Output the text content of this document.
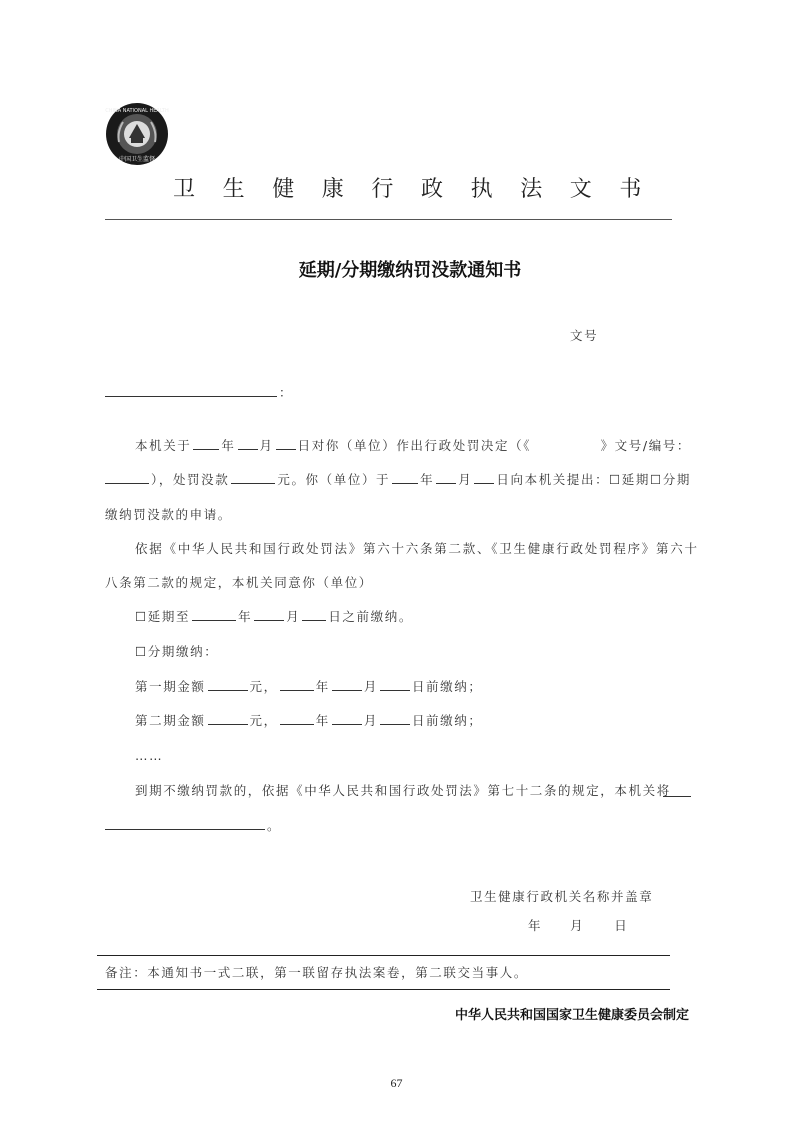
CHINA NATIONAL HEALTH
中国卫生监督
卫生健康行政执法文书
延期/分期缴纳罚没款通知书
文号
：
本机关于 年 月 日对你（单位）作出行政处罚决定（《	》文号/编号：
），处罚没款	元。你（单位）于 年 月 日向本机关提出： ☐延期☐分期
缴纳罚没款的申请。
依据《中华人民共和国行政处罚法》第六十六条第二款、《卫生健康行政处罚程序》第六十
八条第二款的规定，本机关同意你（单位）
☐延期至	年	月 日之前缴纳。
☐分期缴纳：
第一期金额	元，	年	月	日前缴纳；
第二期金额	元，	年	月	日前缴纳；
……
到期不缴纳罚款的，依据《中华人民共和国行政处罚法》第七十二条的规定，本机关将
。
卫生健康行政机关名称并盖章
年 月 日
备注：本通知书一式二联，第一联留存执法案卷，第二联交当事人。
中华人民共和国国家卫生健康委员会制定
67
